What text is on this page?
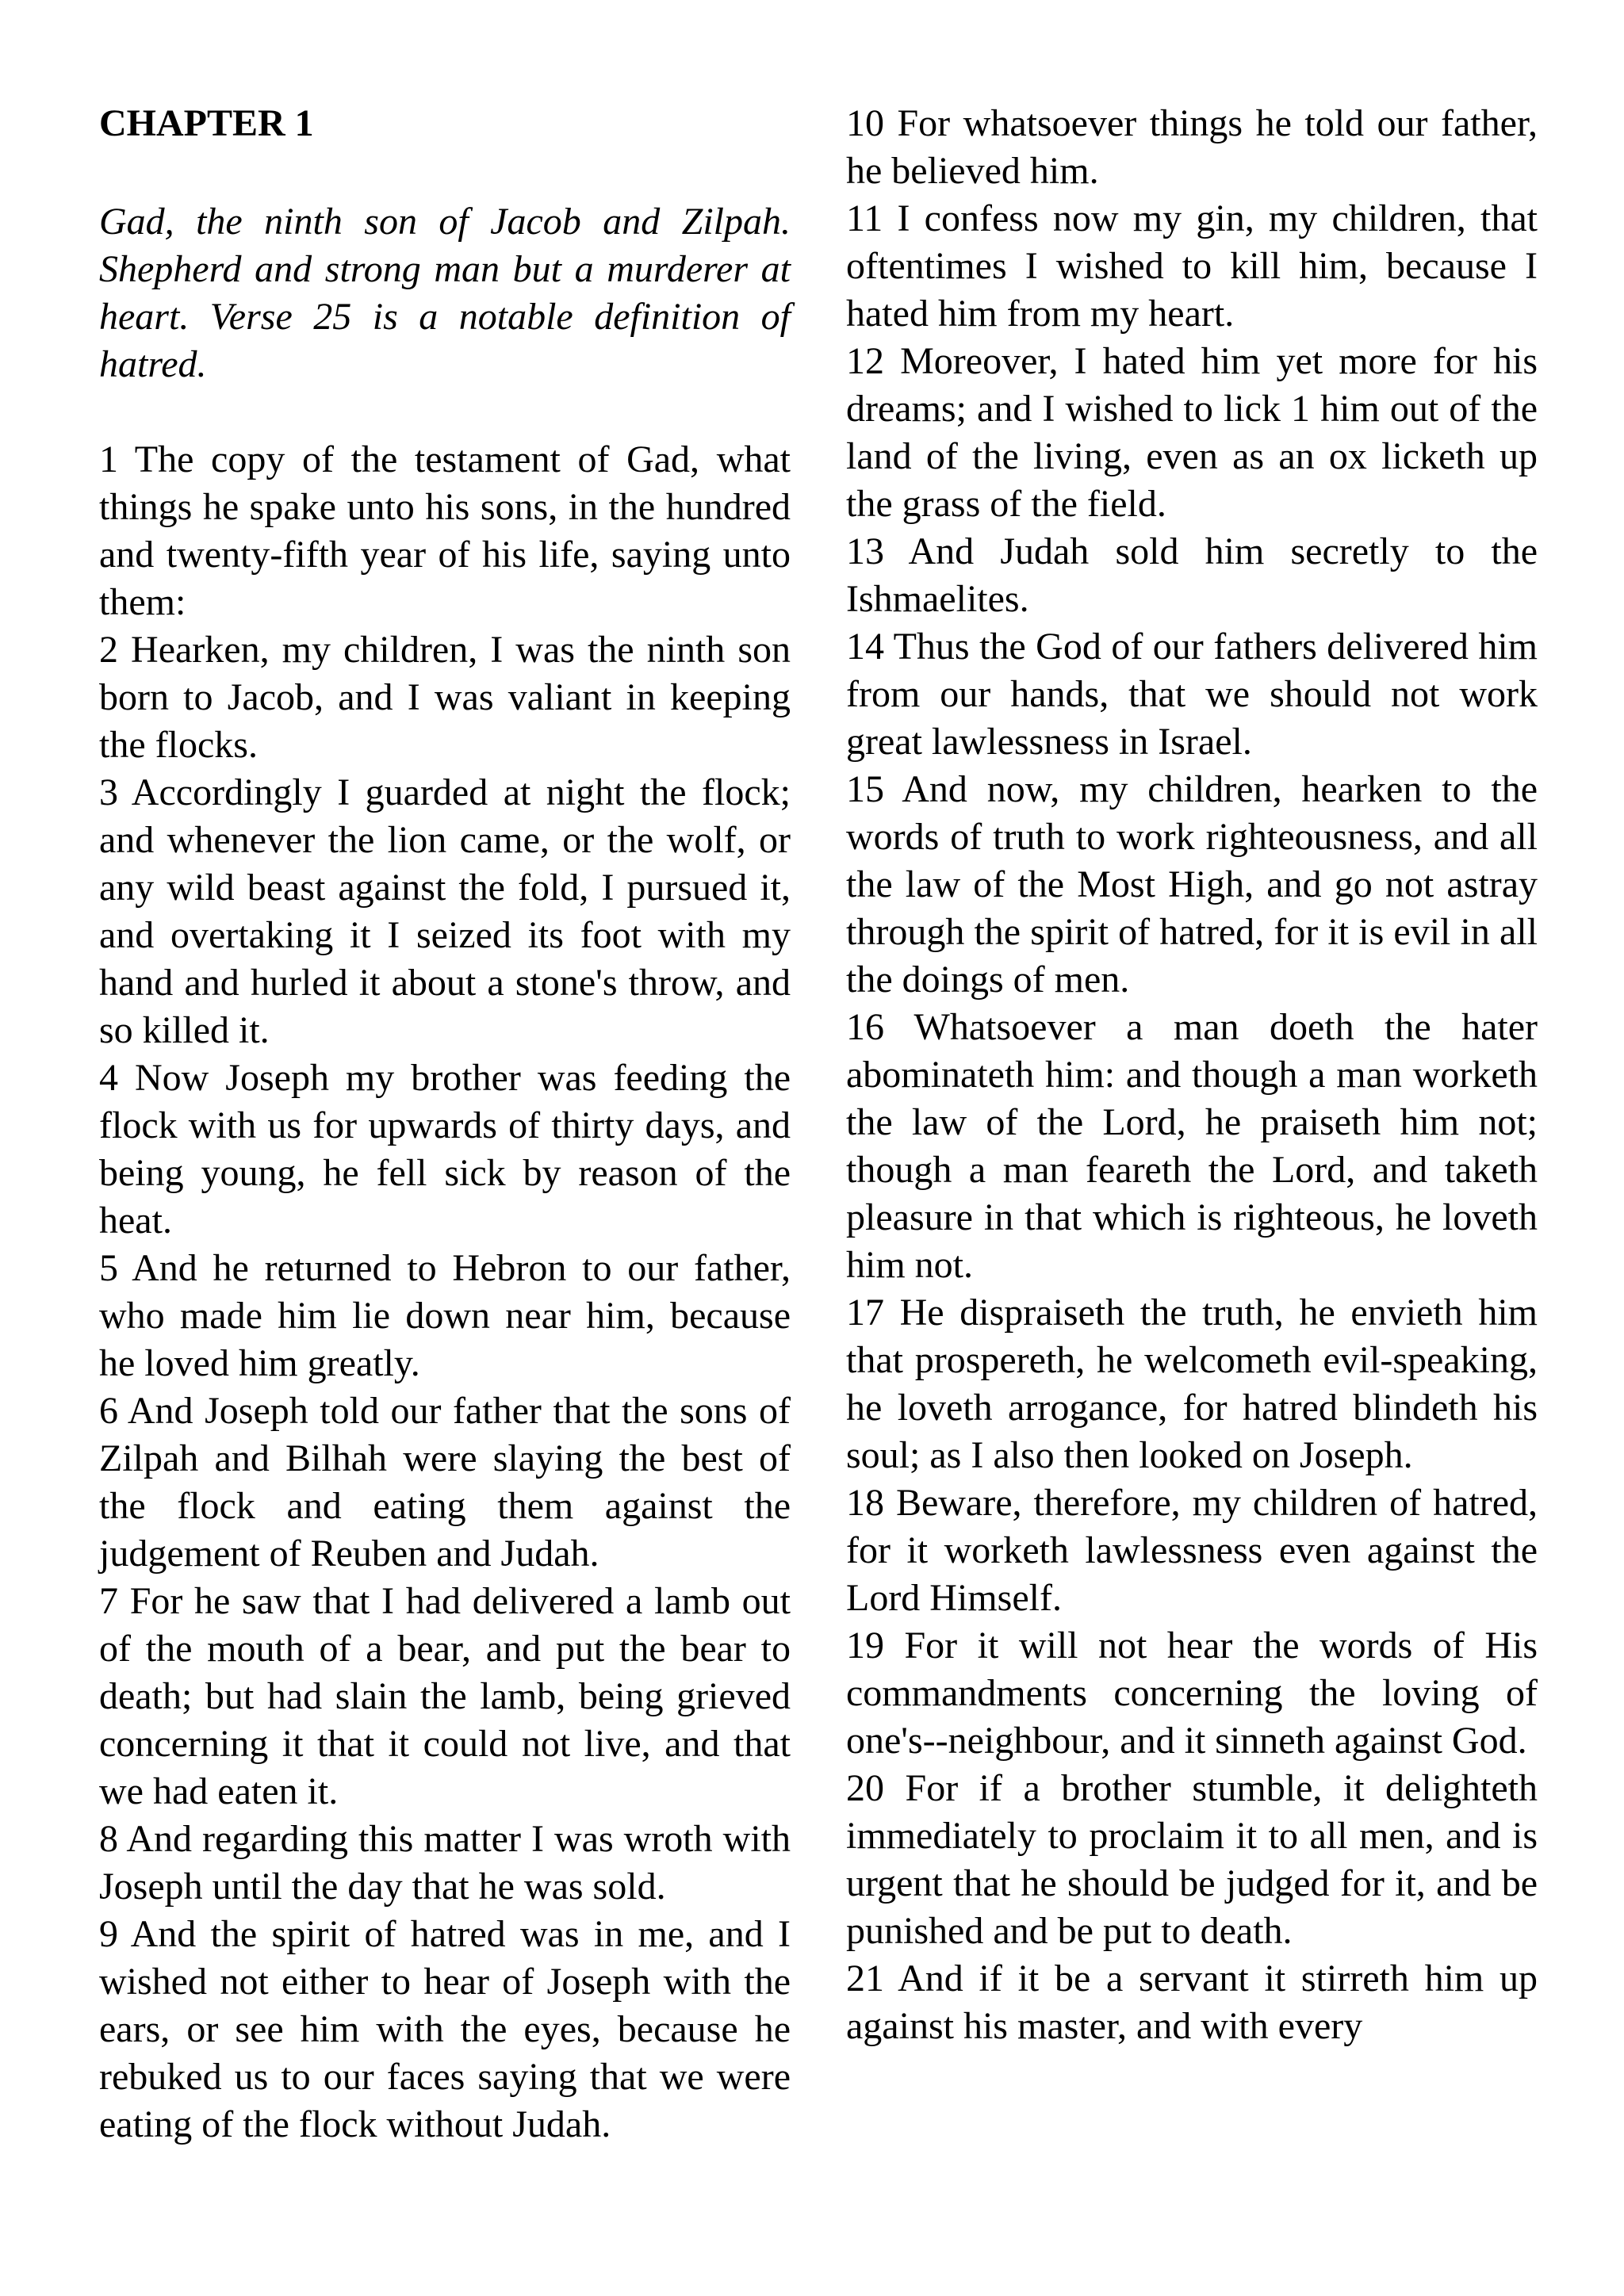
CHAPTER 1

Gad, the ninth son of Jacob and Zilpah. Shepherd and strong man but a murderer at heart. Verse 25 is a notable definition of hatred.

1 The copy of the testament of Gad, what things he spake unto his sons, in the hundred and twenty-fifth year of his life, saying unto them:

2 Hearken, my children, I was the ninth son born to Jacob, and I was valiant in keeping the flocks.

3 Accordingly I guarded at night the flock; and whenever the lion came, or the wolf, or any wild beast against the fold, I pursued it, and overtaking it I seized its foot with my hand and hurled it about a stone's throw, and so killed it.

4 Now Joseph my brother was feeding the flock with us for upwards of thirty days, and being young, he fell sick by reason of the heat.

5 And he returned to Hebron to our father, who made him lie down near him, because he loved him greatly.

6 And Joseph told our father that the sons of Zilpah and Bilhah were slaying the best of the flock and eating them against the judgement of Reuben and Judah.

7 For he saw that I had delivered a lamb out of the mouth of a bear, and put the bear to death; but had slain the lamb, being grieved concerning it that it could not live, and that we had eaten it.

8 And regarding this matter I was wroth with Joseph until the day that he was sold.

9 And the spirit of hatred was in me, and I wished not either to hear of Joseph with the ears, or see him with the eyes, because he rebuked us to our faces saying that we were eating of the flock without Judah.

10 For whatsoever things he told our father, he believed him.

11 I confess now my gin, my children, that oftentimes I wished to kill him, because I hated him from my heart.

12 Moreover, I hated him yet more for his dreams; and I wished to lick 1 him out of the land of the living, even as an ox licketh up the grass of the field.

13 And Judah sold him secretly to the Ishmaelites.

14 Thus the God of our fathers delivered him from our hands, that we should not work great lawlessness in Israel.

15 And now, my children, hearken to the words of truth to work righteousness, and all the law of the Most High, and go not astray through the spirit of hatred, for it is evil in all the doings of men.

16 Whatsoever a man doeth the hater abominateth him: and though a man worketh the law of the Lord, he praiseth him not; though a man feareth the Lord, and taketh pleasure in that which is righteous, he loveth him not.

17 He dispraiseth the truth, he envieth him that prospereth, he welcometh evil-speaking, he loveth arrogance, for hatred blindeth his soul; as I also then looked on Joseph.

18 Beware, therefore, my children of hatred, for it worketh lawlessness even against the Lord Himself.

19 For it will not hear the words of His commandments concerning the loving of one's--neighbour, and it sinneth against God.

20 For if a brother stumble, it delighteth immediately to proclaim it to all men, and is urgent that he should be judged for it, and be punished and be put to death.

21 And if it be a servant it stirreth him up against his master, and with every
